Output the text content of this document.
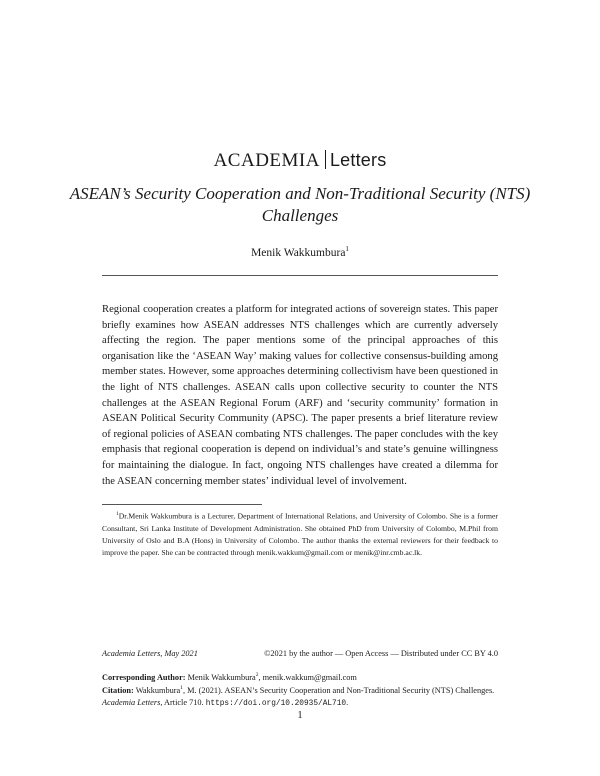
ACADEMIA Letters
ASEAN’s Security Cooperation and Non-Traditional Security (NTS) Challenges
Menik Wakkumbura$^1$
Regional cooperation creates a platform for integrated actions of sovereign states. This paper briefly examines how ASEAN addresses NTS challenges which are currently adversely affecting the region. The paper mentions some of the principal approaches of this organisation like the ‘ASEAN Way’ making values for collective consensus-building among member states. However, some approaches determining collectivism have been questioned in the light of NTS challenges. ASEAN calls upon collective security to counter the NTS challenges at the ASEAN Regional Forum (ARF) and ‘security community’ formation in ASEAN Political Security Community (APSC). The paper presents a brief literature review of regional policies of ASEAN combating NTS challenges. The paper concludes with the key emphasis that regional cooperation is depend on individual’s and state’s genuine willingness for maintaining the dialogue. In fact, ongoing NTS challenges have created a dilemma for the ASEAN concerning member states’ individual level of involvement.
$^1$Dr.Menik Wakkumbura is a Lecturer, Department of International Relations, and University of Colombo. She is a former Consultant, Sri Lanka Institute of Development Administration. She obtained PhD from University of Colombo, M.Phil from University of Oslo and B.A (Hons) in University of Colombo. The author thanks the external reviewers for their feedback to improve the paper. She can be contracted through menik.wakkum@gmail.com or menik@inr.cmb.ac.lk.
Academia Letters, May 2021	©2021 by the author — Open Access — Distributed under CC BY 4.0
Corresponding Author: Menik Wakkumbura$^2$, menik.wakkum@gmail.com
Citation: Wakkumbura$^1$, M. (2021). ASEAN’s Security Cooperation and Non-Traditional Security (NTS) Challenges. Academia Letters, Article 710. https://doi.org/10.20935/AL710.
1
